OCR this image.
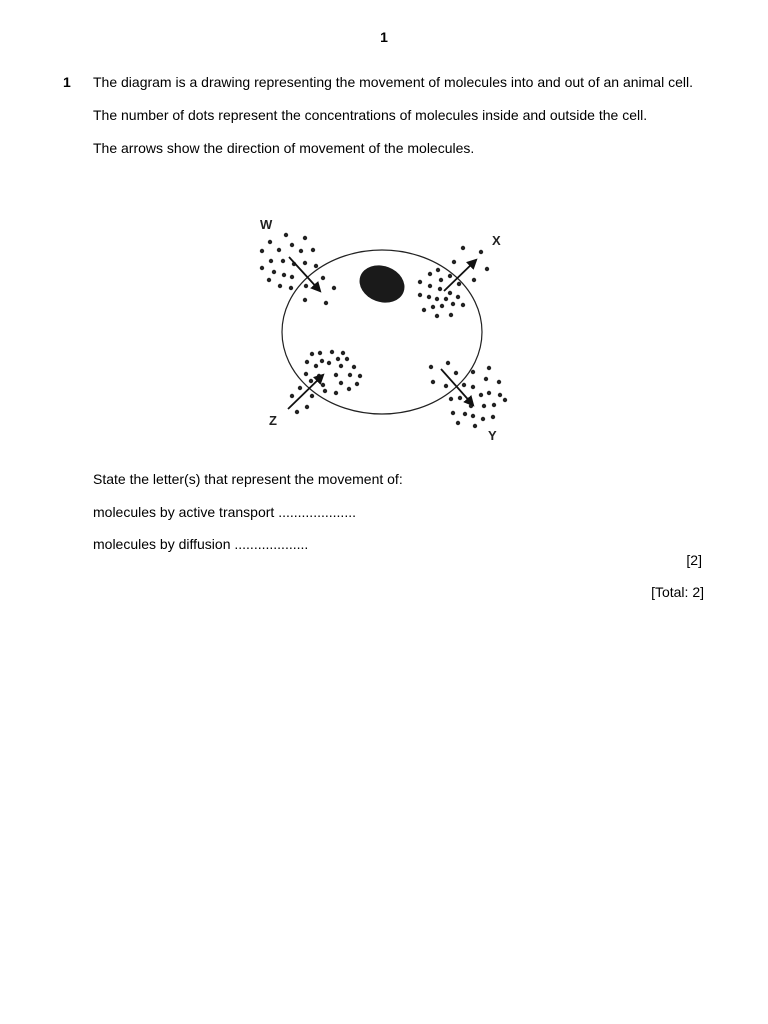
1
1 The diagram is a drawing representing the movement of molecules into and out of an animal cell.
The number of dots represent the concentrations of molecules inside and outside the cell.
The arrows show the direction of movement of the molecules.
W
X
Z
Y
State the letter(s) that represent the movement of:
molecules by active transport ....................
molecules by diffusion ...................
[2]
[Total: 2]
